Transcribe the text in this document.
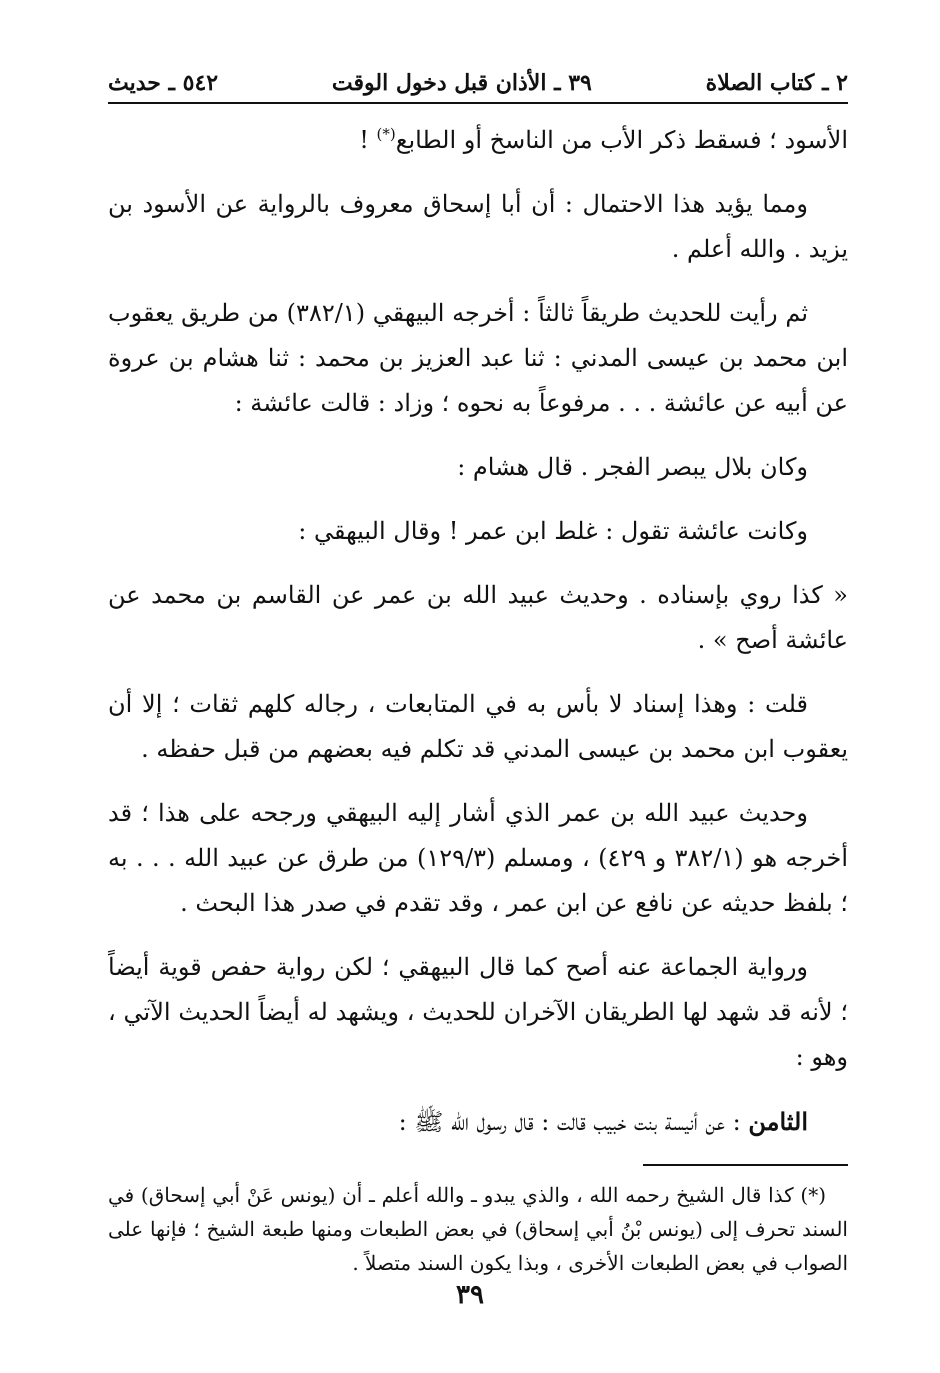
٢ ـ كتاب الصلاة
٣٩ ـ الأذان قبل دخول الوقت
٥٤٢ ـ حديث

الأسود ؛ فسقط ذكر الأب من الناسخ أو الطابع(*) !

ومما يؤيد هذا الاحتمال : أن أبا إسحاق معروف بالرواية عن الأسود بن يزيد . والله أعلم .

ثم رأيت للحديث طريقاً ثالثاً : أخرجه البيهقي (٣٨٢/١) من طريق يعقوب ابن محمد بن عيسى المدني : ثنا عبد العزيز بن محمد : ثنا هشام بن عروة عن أبيه عن عائشة . . . مرفوعاً به نحوه ؛ وزاد : قالت عائشة :

وكان بلال يبصر الفجر . قال هشام :

وكانت عائشة تقول : غلط ابن عمر ! وقال البيهقي :

« كذا روي بإسناده . وحديث عبيد الله بن عمر عن القاسم بن محمد عن عائشة أصح » .

قلت : وهذا إسناد لا بأس به في المتابعات ، رجاله كلهم ثقات ؛ إلا أن يعقوب ابن محمد بن عيسى المدني قد تكلم فيه بعضهم من قبل حفظه .

وحديث عبيد الله بن عمر الذي أشار إليه البيهقي ورجحه على هذا ؛ قد أخرجه هو (٣٨٢/١ و ٤٢٩) ، ومسلم (١٢٩/٣) من طرق عن عبيد الله . . . به ؛ بلفظ حديثه عن نافع عن ابن عمر ، وقد تقدم في صدر هذا البحث .

ورواية الجماعة عنه أصح كما قال البيهقي ؛ لكن رواية حفص قوية أيضاً ؛ لأنه قد شهد لها الطريقان الآخران للحديث ، ويشهد له أيضاً الحديث الآتي ، وهو :

الثامن : عن أنيسة بنت خبيب قالت : قال رسول الله ﷺ :

(*) كذا قال الشيخ رحمه الله ، والذي يبدو ـ والله أعلم ـ أن (يونس عَنْ أبي إسحاق) في السند تحرف إلى (يونس بْنُ أبي إسحاق) في بعض الطبعات ومنها طبعة الشيخ ؛ فإنها على الصواب في بعض الطبعات الأخرى ، وبذا يكون السند متصلاً .

٣٩
